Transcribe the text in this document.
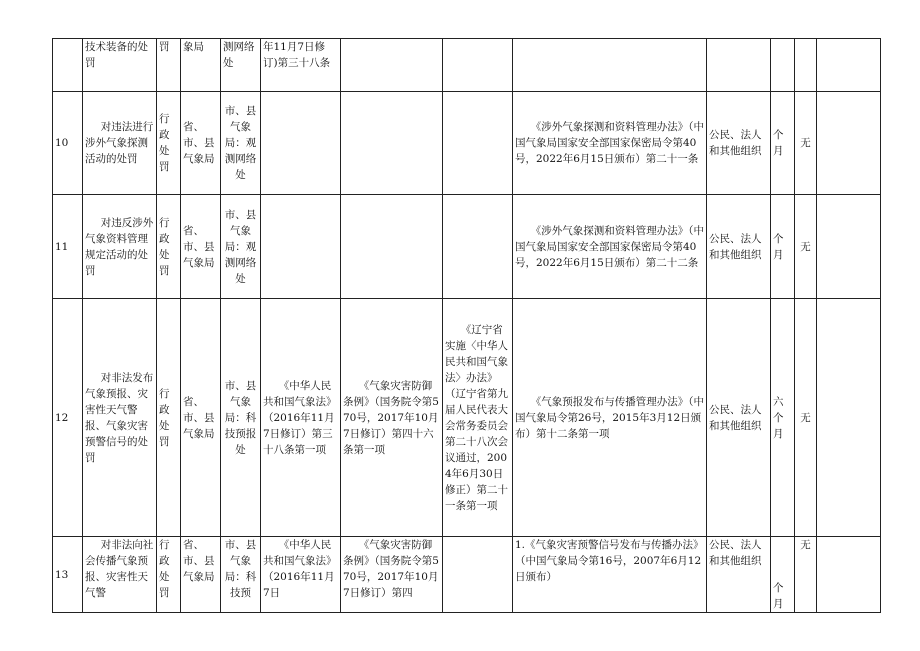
	技术装备的处罚	罚	象局	测网络处	年11月7日修订)第三十八条							
10	对违法进行涉外气象探测活动的处罚	行政处罚	省、市、县气象局	市、县气象局：观测网络处				《涉外气象探测和资料管理办法》（中国气象局国家安全部国家保密局令第40号，2022年6月15日颁布）第二十一条	公民、法人和其他组织	个月	无	
11	对违反涉外气象资料管理规定活动的处罚	行政处罚	省、市、县气象局	市、县气象局：观测网络处				《涉外气象探测和资料管理办法》（中国气象局国家安全部国家保密局令第40号，2022年6月15日颁布）第二十二条	公民、法人和其他组织	个月	无	
12	对非法发布气象预报、灾害性天气警报、气象灾害预警信号的处罚	行政处罚	省、市、县气象局	市、县气象局：科技预报处	《中华人民共和国气象法》（2016年11月7日修订）第三十八条第一项	《气象灾害防御条例》（国务院令第570号，2017年10月7日修订）第四十六条第一项	《辽宁省实施〈中华人民共和国气象法〉办法》（辽宁省第九届人民代表大会常务委员会第二十八次会议通过，2004年6月30日修正）第二十一条第一项	《气象预报发布与传播管理办法》（中国气象局令第26号，2015年3月12日颁布）第十二条第一项	公民、法人和其他组织	六个月	无	
13	对非法向社会传播气象预报、灾害性天气警	行政处罚	省、市、县气象局	市、县气象局：科技预	《中华人民共和国气象法》（2016年11月7日	《气象灾害防御条例》（国务院令第570号，2017年10月7日修订）第四		1.《气象灾害预警信号发布与传播办法》（中国气象局令第16号，2007年6月12日颁布）	公民、法人和其他组织	个月	无	
